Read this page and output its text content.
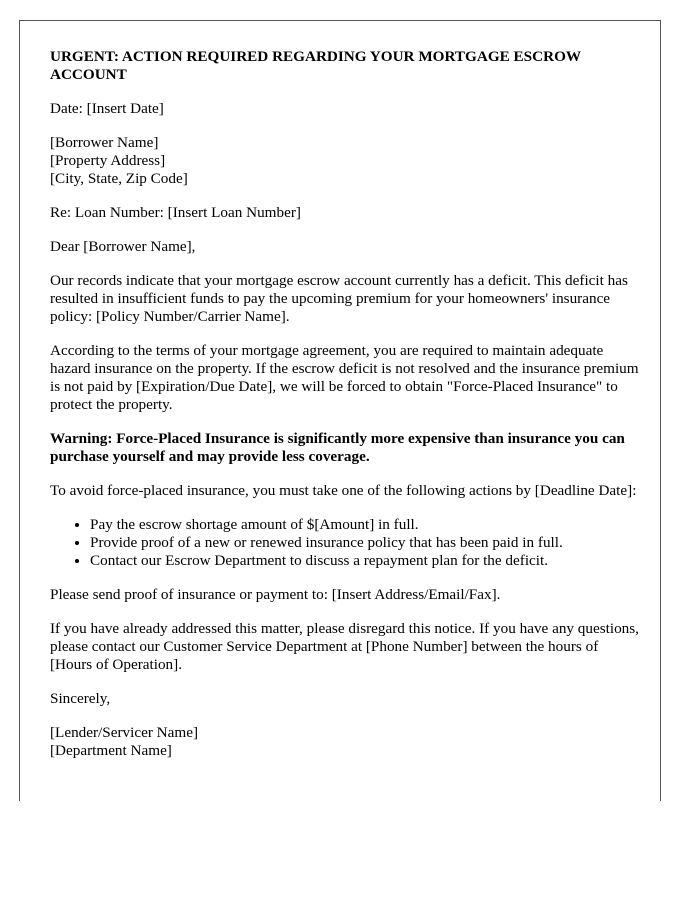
URGENT: ACTION REQUIRED REGARDING YOUR MORTGAGE ESCROW ACCOUNT

Date: [Insert Date]

[Borrower Name]
[Property Address]
[City, State, Zip Code]

Re: Loan Number: [Insert Loan Number]

Dear [Borrower Name],

Our records indicate that your mortgage escrow account currently has a deficit. This deficit has resulted in insufficient funds to pay the upcoming premium for your homeowners' insurance policy: [Policy Number/Carrier Name].

According to the terms of your mortgage agreement, you are required to maintain adequate hazard insurance on the property. If the escrow deficit is not resolved and the insurance premium is not paid by [Expiration/Due Date], we will be forced to obtain "Force-Placed Insurance" to protect the property.

Warning: Force-Placed Insurance is significantly more expensive than insurance you can purchase yourself and may provide less coverage.

To avoid force-placed insurance, you must take one of the following actions by [Deadline Date]:

• Pay the escrow shortage amount of $[Amount] in full.
• Provide proof of a new or renewed insurance policy that has been paid in full.
• Contact our Escrow Department to discuss a repayment plan for the deficit.

Please send proof of insurance or payment to: [Insert Address/Email/Fax].

If you have already addressed this matter, please disregard this notice. If you have any questions, please contact our Customer Service Department at [Phone Number] between the hours of [Hours of Operation].

Sincerely,

[Lender/Servicer Name]
[Department Name]
